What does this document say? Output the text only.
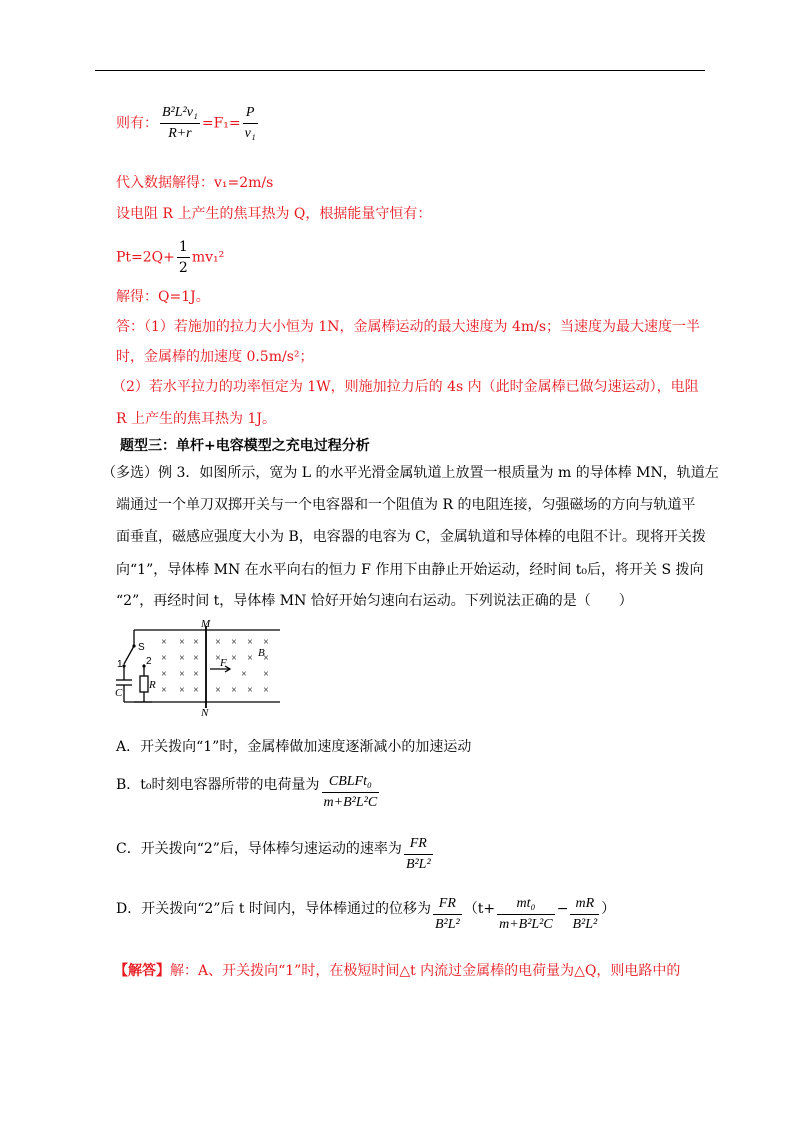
则有： $\frac{\text{B²L²v₁}}{R+r} =F_1= \frac{P}{\text{v₁}}$
代入数据解得：v₁=2m/s
设电阻 R 上产生的焦耳热为 Q，根据能量守恒有：
$Pt=2Q+ \frac{1}{2} mv_1^2$
解得：Q=1J。
答：（1）若施加的拉力大小恒为 1N，金属棒运动的最大速度为 4m/s；当速度为最大速度一半
时，金属棒的加速度 0.5m/s²；
（2）若水平拉力的功率恒定为 1W，则施加拉力后的 4s 内（此时金属棒已做匀速运动），电阻
R 上产生的焦耳热为 1J。
题型三：单杆+电容模型之充电过程分析
（多选）例 3．如图所示，宽为 L 的水平光滑金属轨道上放置一根质量为 m 的导体棒 MN，轨道左
端通过一个单刀双掷开关与一个电容器和一个阻值为 R 的电阻连接，匀强磁场的方向与轨道平
面垂直，磁感应强度大小为 B，电容器的电容为 C，金属轨道和导体棒的电阻不计。现将开关拨
向“1”，导体棒 MN 在水平向右的恒力 F 作用下由静止开始运动，经时间 t₀后，将开关 S 拨向
“2”，再经时间 t，导体棒 MN 恰好开始匀速向右运动。下列说法正确的是（　　）
× × × × × × ×
× × × × × × ×
× × ×	× ×
× × × × × × ×
M
N
F
B
R
C
S
1 2
A．开关拨向“1”时，金属棒做加速度逐渐减小的加速运动
B．t₀时刻电容器所带的电荷量为 $\frac{\text{CBLFt₀}}{\text{m+B²L²C}}$
C．开关拨向“2”后，导体棒匀速运动的速率为 $\frac{FR}{\text{B²L²}}$
D．开关拨向“2”后 t 时间内，导体棒通过的位移为 $\frac{FR}{\text{B²L²}} (t+ \frac{\text{mt₀}}{\text{m+B²L²C}} - \frac{mR}{\text{B²L²}}$ ）
【解答】解：A、开关拨向“1”时，在极短时间△t 内流过金属棒的电荷量为△Q，则电路中的
